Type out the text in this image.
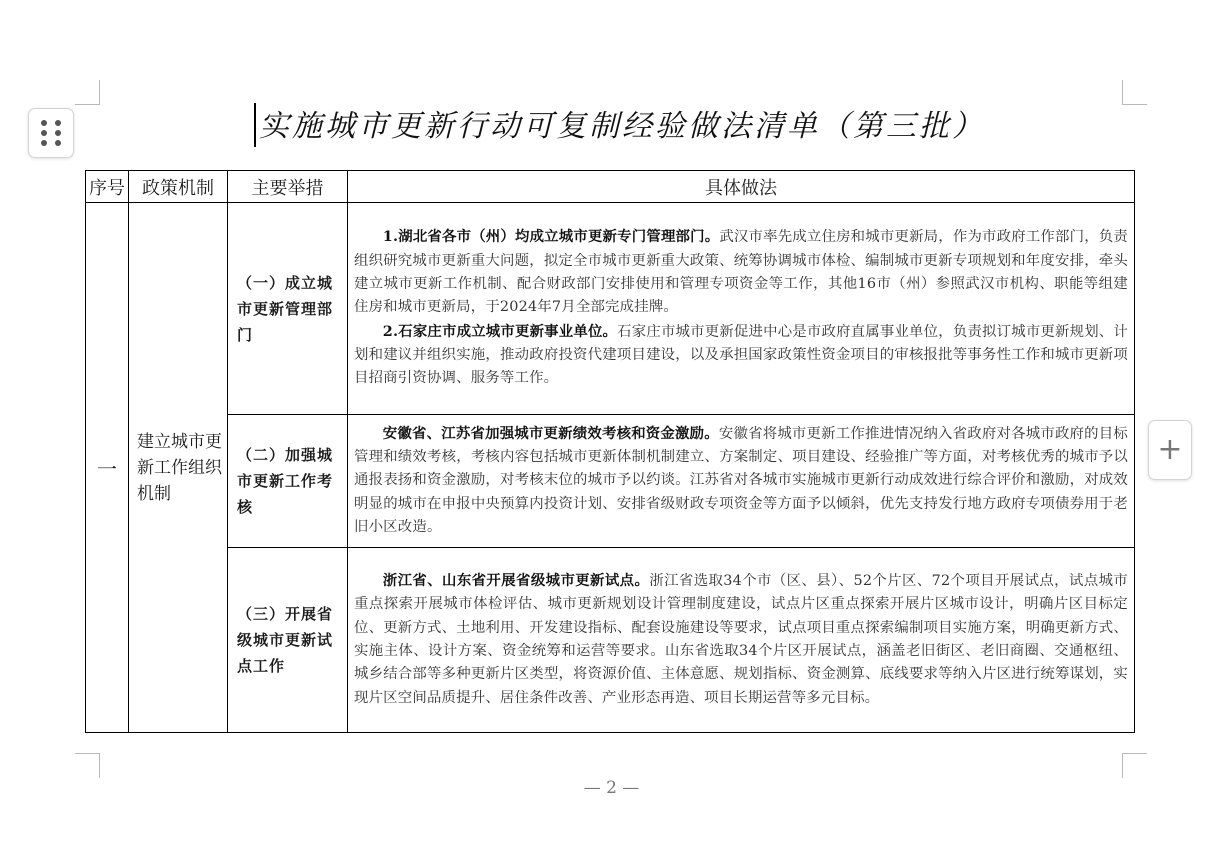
+
实施城市更新行动可复制经验做法清单（第三批）
序号	政策机制	主要举措	具体做法
一	建立城市更新工作组织机制	（一）成立城市更新管理部门	1.湖北省各市（州）均成立城市更新专门管理部门。武汉市率先成立住房和城市更新局，作为市政府工作部门，负责组织研究城市更新重大问题，拟定全市城市更新重大政策、统筹协调城市体检、编制城市更新专项规划和年度安排，牵头建立城市更新工作机制、配合财政部门安排使用和管理专项资金等工作，其他16市（州）参照武汉市机构、职能等组建住房和城市更新局，于2024年7月全部完成挂牌。

2.石家庄市成立城市更新事业单位。石家庄市城市更新促进中心是市政府直属事业单位，负责拟订城市更新规划、计划和建议并组织实施，推动政府投资代建项目建设，以及承担国家政策性资金项目的审核报批等事务性工作和城市更新项目招商引资协调、服务等工作。

		（二）加强城市更新工作考核	安徽省、江苏省加强城市更新绩效考核和资金激励。安徽省将城市更新工作推进情况纳入省政府对各城市政府的目标管理和绩效考核，考核内容包括城市更新体制机制建立、方案制定、项目建设、经验推广等方面，对考核优秀的城市予以通报表扬和资金激励，对考核末位的城市予以约谈。江苏省对各城市实施城市更新行动成效进行综合评价和激励，对成效明显的城市在申报中央预算内投资计划、安排省级财政专项资金等方面予以倾斜，优先支持发行地方政府专项债券用于老旧小区改造。

		（三）开展省级城市更新试点工作	浙江省、山东省开展省级城市更新试点。浙江省选取34个市（区、县）、52个片区、72个项目开展试点，试点城市重点探索开展城市体检评估、城市更新规划设计管理制度建设，试点片区重点探索开展片区城市设计，明确片区目标定位、更新方式、土地利用、开发建设指标、配套设施建设等要求，试点项目重点探索编制项目实施方案，明确更新方式、实施主体、设计方案、资金统筹和运营等要求。山东省选取34个片区开展试点，涵盖老旧街区、老旧商圈、交通枢纽、城乡结合部等多种更新片区类型，将资源价值、主体意愿、规划指标、资金测算、底线要求等纳入片区进行统筹谋划，实现片区空间品质提升、居住条件改善、产业形态再造、项目长期运营等多元目标。

— 2 —
